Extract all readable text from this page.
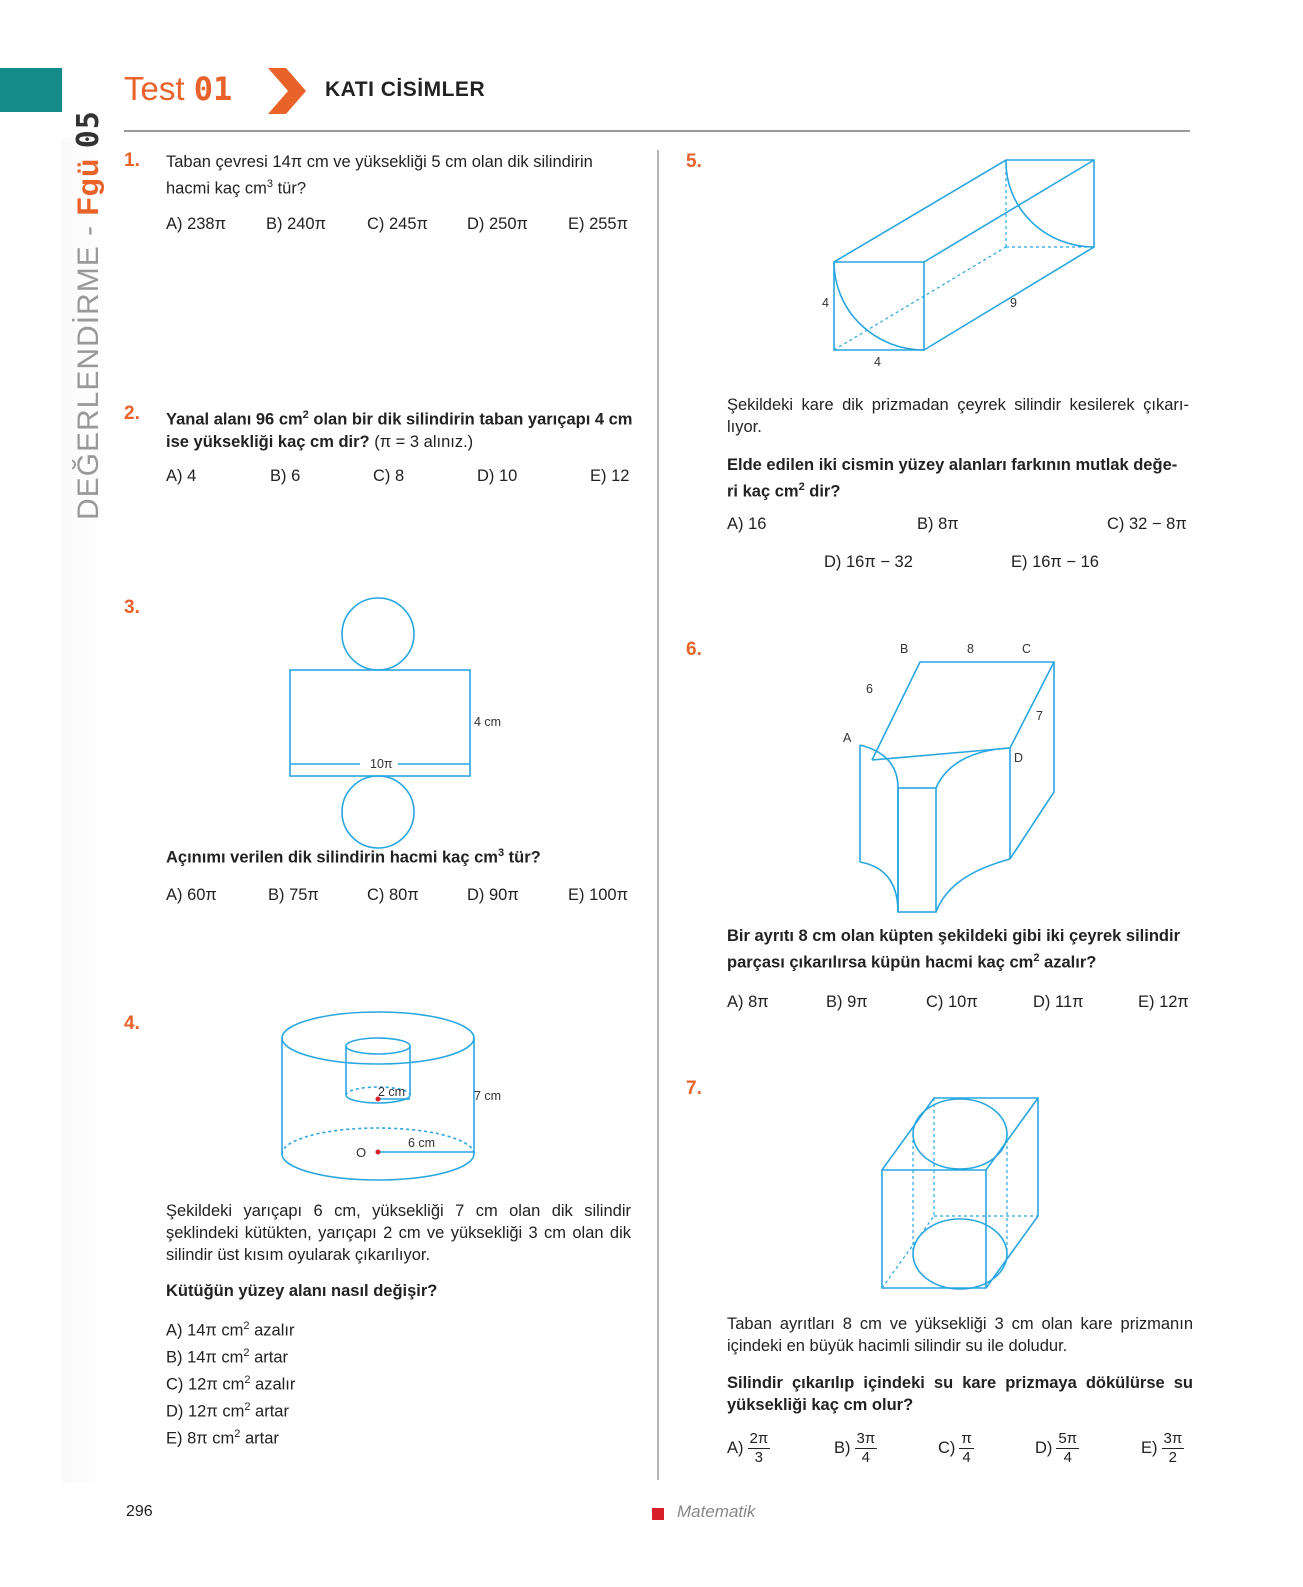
Test 01	KATI CİSİMLER
DEĞERLENDİRME - Fgü 05
1. Taban çevresi 14π cm ve yüksekliği 5 cm olan dik silindirin
hacmi kaç $cm^3$ tür?
A) 238π B) 240π C) 245π D) 250π E) 255π
2. Yanal alanı 96 $cm^2$ olan bir dik silindirin taban yarıçapı 4 cm
ise yüksekliği kaç cm dir? (π = 3 alınız.)
A) 4	B) 6	C) 8	D) 10	E) 12
3.
4 cm
10π
Açınımı verilen dik silindirin hacmi kaç $cm^3$ tür?
A) 60π	B) 75π	C) 80π	D) 90π	E) 100π
4.
2 cm	7 cm
6 cm
O
Şekildeki yarıçapı 6 cm, yüksekliği 7 cm olan dik silindir şeklindeki kütükten, yarıçapı 2 cm ve yüksekliği 3 cm olan dik silindir üst kısım oyularak çıkarılıyor.
Kütüğün yüzey alanı nasıl değişir?
A) 14π $cm^2$ azalır
B) 14π $cm^2$ artar
C) 12π $cm^2$ azalır
D) 12π $cm^2$ artar
E) 8π $cm^2$ artar
5.
4
4
9
Şekildeki kare dik prizmadan çeyrek silindir kesilerek çıkarı-lıyor.
Elde edilen iki cismin yüzey alanları farkının mutlak değe-
ri kaç $cm^2$ dir?
A) 16	B) 8π	C) 32 − 8π
D) 16π − 32	E) 16π − 16
6.	B	8	C
6
A
7
D
Bir ayrıtı 8 cm olan küpten şekildeki gibi iki çeyrek silindir
parçası çıkarılırsa küpün hacmi kaç $cm^2$ azalır?
A) 8π	B) 9π	C) 10π	D) 11π	E) 12π
7.
Taban ayrıtları 8 cm ve yüksekliği 3 cm olan kare prizmanın içindeki en büyük hacimli silindir su ile doludur.
Silindir çıkarılıp içindeki su kare prizmaya dökülürse su yüksekliği kaç cm olur?
$A) \frac{2\pi}{3}$	$B) \frac{3\pi}{4}$	$C) \frac{\pi}{4}$	$D) \frac{5\pi}{4}$	$E) \frac{3\pi}{2}$
296	Matematik
